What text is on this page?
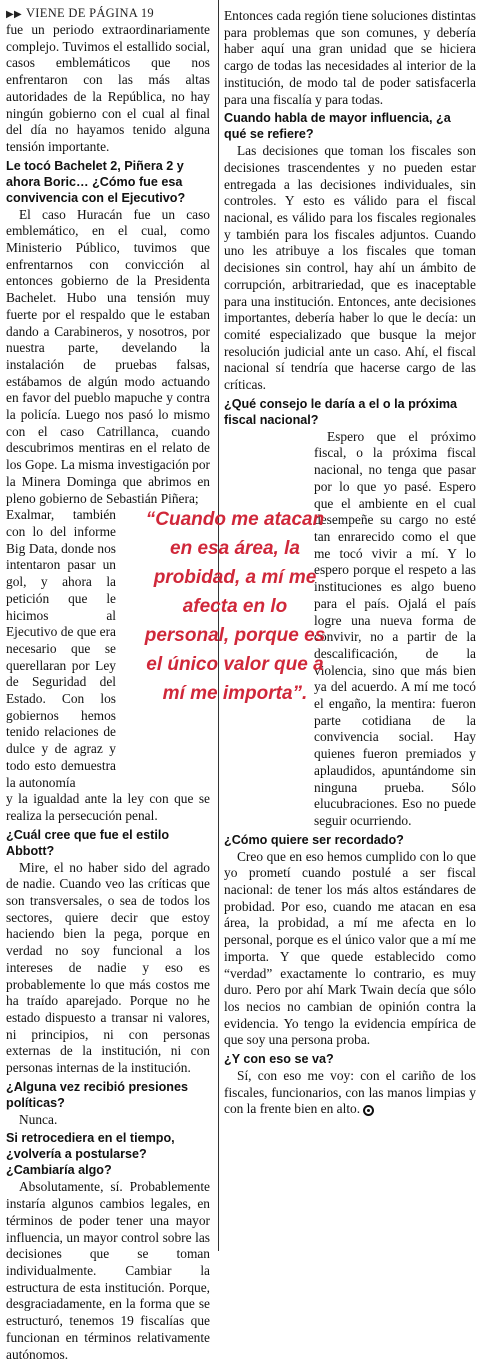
▶▶ VIENE DE PÁGINA 19

fue un periodo extraordinariamente complejo. Tuvimos el estallido social, casos emblemáticos que nos enfrentaron con las más altas autoridades de la República, no hay ningún gobierno con el cual al final del día no hayamos tenido alguna tensión importante.

Le tocó Bachelet 2, Piñera 2 y ahora Boric… ¿Cómo fue esa convivencia con el Ejecutivo?

El caso Huracán fue un caso emblemático, en el cual, como Ministerio Público, tuvimos que enfrentarnos con convicción al entonces gobierno de la Presidenta Bachelet. Hubo una tensión muy fuerte por el respaldo que le estaban dando a Carabineros, y nosotros, por nuestra parte, develando la instalación de pruebas falsas, estábamos de algún modo actuando en favor del pueblo mapuche y contra la policía. Luego nos pasó lo mismo con el caso Catrillanca, cuando descubrimos mentiras en el relato de los Gope. La misma investigación por la Minera Dominga que abrimos en pleno gobierno de Sebastián Piñera;

Exalmar, también con lo del informe Big Data, donde nos intentaron pasar un gol, y ahora la petición que le hicimos al Ejecutivo de que era necesario que se querellaran por Ley de Seguridad del Estado. Con los gobiernos hemos tenido relaciones de dulce y de agraz y todo esto demuestra la autonomía

y la igualdad ante la ley con que se realiza la persecución penal.

¿Cuál cree que fue el estilo Abbott?

Mire, el no haber sido del agrado de nadie. Cuando veo las críticas que son transversales, o sea de todos los sectores, quiere decir que estoy haciendo bien la pega, porque en verdad no soy funcional a los intereses de nadie y eso es probablemente lo que más costos me ha traído aparejado. Porque no he estado dispuesto a transar ni valores, ni principios, ni con personas externas de la institución, ni con personas internas de la institución.

¿Alguna vez recibió presiones políticas?

Nunca.

Si retrocediera en el tiempo, ¿volvería a postularse? ¿Cambiaría algo?

Absolutamente, sí. Probablemente instaría algunos cambios legales, en términos de poder tener una mayor influencia, un mayor control sobre las decisiones que se toman individualmente. Cambiar la estructura de esta institución. Porque, desgraciadamente, en la forma que se estructuró, tenemos 19 fiscalías que funcionan en términos relativamente autónomos.

Entonces cada región tiene soluciones distintas para problemas que son comunes, y debería haber aquí una gran unidad que se hiciera cargo de todas las necesidades al interior de la institución, de modo tal de poder satisfacerla para una fiscalía y para todas.

Cuando habla de mayor influencia, ¿a qué se refiere?

Las decisiones que toman los fiscales son decisiones trascendentes y no pueden estar entregada a las decisiones individuales, sin controles. Y esto es válido para el fiscal nacional, es válido para los fiscales regionales y también para los fiscales adjuntos. Cuando uno les atribuye a los fiscales que toman decisiones sin control, hay ahí un ámbito de corrupción, arbitrariedad, que es inaceptable para una institución. Entonces, ante decisiones importantes, debería haber lo que le decía: un comité especializado que busque la mejor resolución judicial ante un caso. Ahí, el fiscal nacional sí tendría que hacerse cargo de las críticas.

¿Qué consejo le daría a el o la próxima fiscal nacional?

Espero que el próximo fiscal, o la próxima fiscal nacional, no tenga que pasar por lo que yo pasé. Espero que el ambiente en el cual desempeñe su cargo no esté tan enrarecido como el que me tocó vivir a mí. Y lo espero porque el respeto a las instituciones es algo bueno para el país. Ojalá el país logre una nueva forma de convivir, no a partir de la descalificación, de la violencia, sino que más bien ya del acuerdo. A mí me tocó el engaño, la mentira: fueron parte cotidiana de la convivencia social. Hay quienes fueron premiados y aplaudidos, apuntándome sin ninguna prueba. Sólo elucubraciones. Eso no puede seguir ocurriendo.

¿Cómo quiere ser recordado?

Creo que en eso hemos cumplido con lo que yo prometí cuando postulé a ser fiscal nacional: de tener los más altos estándares de probidad. Por eso, cuando me atacan en esa área, la probidad, a mí me afecta en lo personal, porque es el único valor que a mí me importa. Y que quede establecido como “verdad” exactamente lo contrario, es muy duro. Pero por ahí Mark Twain decía que sólo los necios no cambian de opinión contra la evidencia. Yo tengo la evidencia empírica de que soy una persona proba.

¿Y con eso se va?

Sí, con eso me voy: con el cariño de los fiscales, funcionarios, con las manos limpias y con la frente bien en alto.

“Cuando me atacan en esa área, la probidad, a mí me afecta en lo personal, porque es el único valor que a mí me importa”.
